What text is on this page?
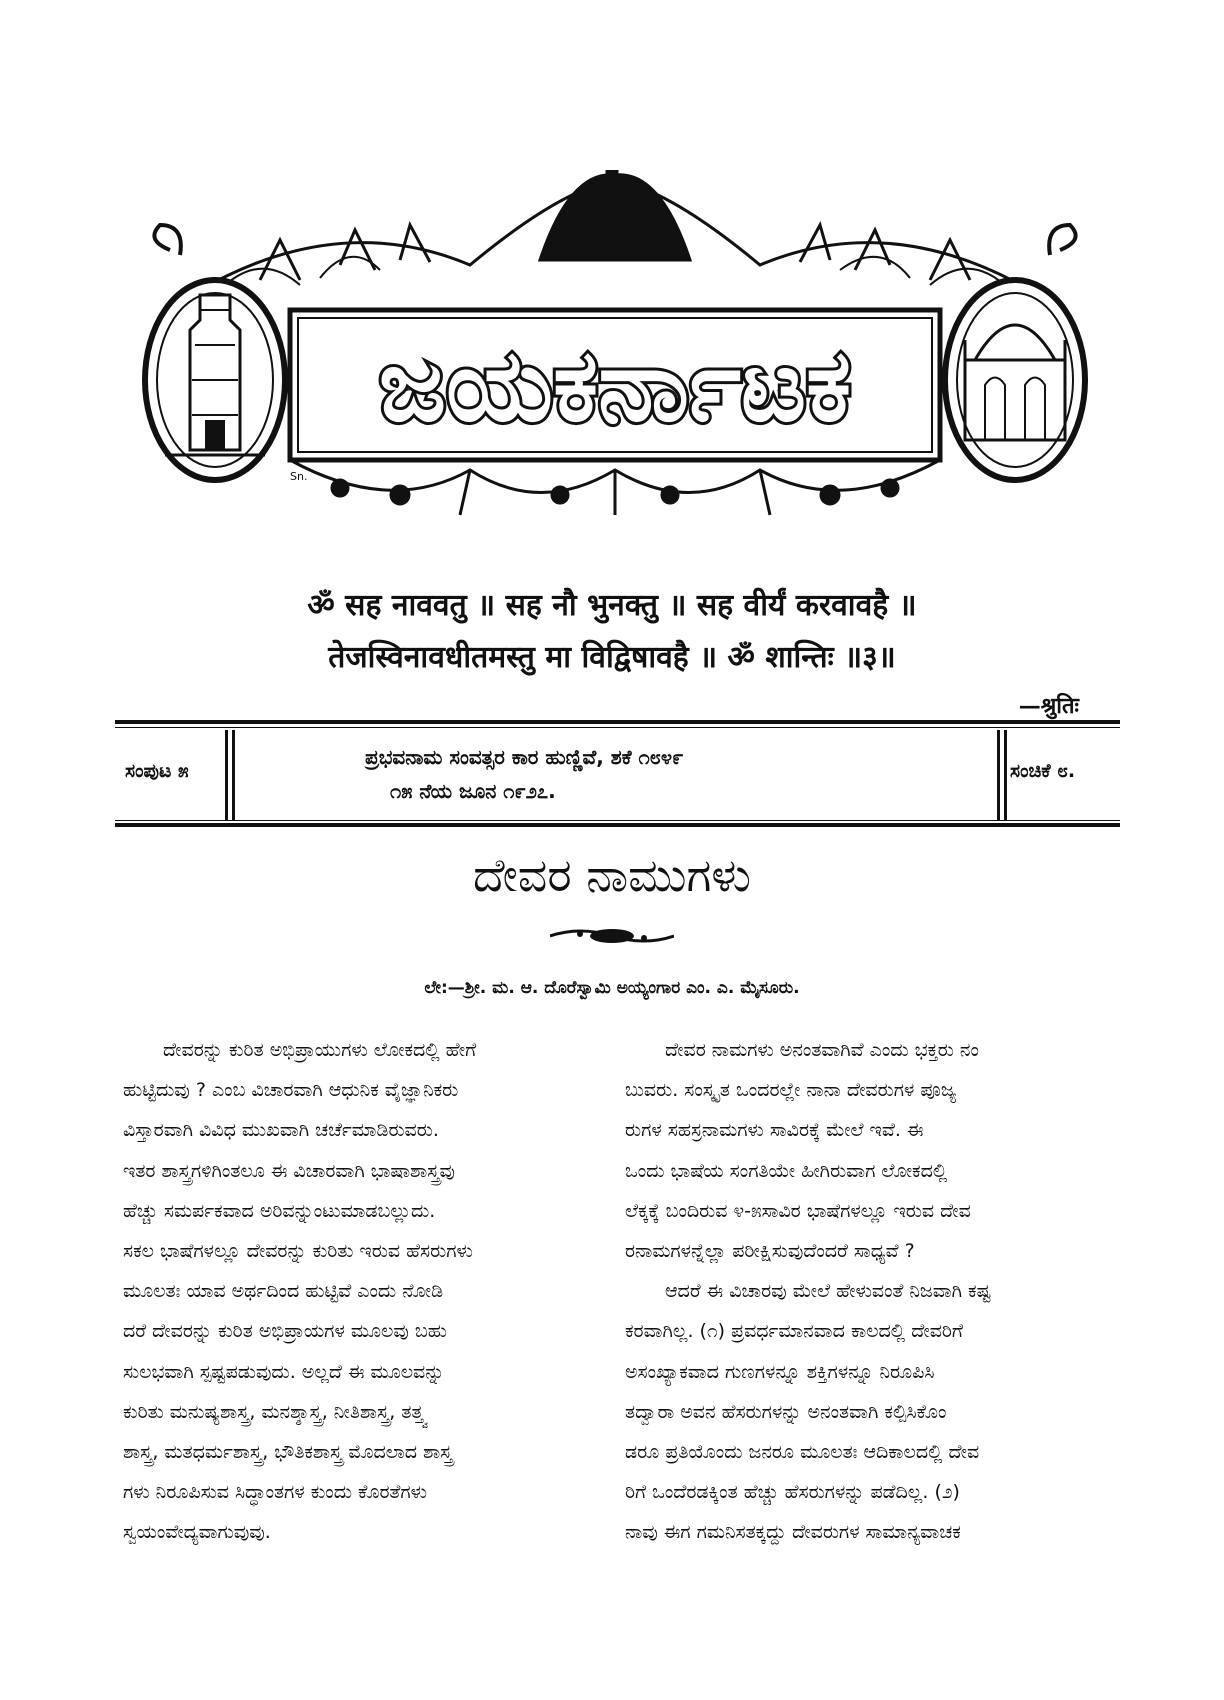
ಜಯಕರ್ನಾಟಕ
Sn.
ॐ सह नाववतु ॥ सह नौ भुनक्तु ॥ सह वीर्यं करवावहै ॥
तेजस्विनावधीतमस्तु मा विद्विषावहै ॥ ॐ शान्तिः ॥३॥
—श्रुतिः
ಸಂಪುಟ ೫
ಪ್ರಭವನಾಮ ಸಂವತ್ಸರ ಕಾರ ಹುಣ್ಣಿವೆ, ಶಕೆ ೧೮೪೯
೧೫ ನೆಯ ಜೂನ ೧೯೨೭.
ಸಂಚಿಕೆ ೮.
ದೇವರ ನಾಮುಗಳು
ಲೇ:—ಶ್ರೀ. ಮ. ಆ. ದೊರೆಸ್ವಾಮಿ ಅಯ್ಯಂಗಾರ ಎಂ. ಎ. ಮೈಸೂರು.

ದೇವರನ್ನು ಕುರಿತ ಅಭಿಪ್ರಾಯುಗಳು ಲೋಕದಲ್ಲಿ ಹೇಗೆ

ಹುಟ್ಟಿದುವು ? ಎಂಬ ವಿಚಾರವಾಗಿ ಆಧುನಿಕ ವೈಜ್ಞಾನಿಕರು

ವಿಸ್ತಾರವಾಗಿ ವಿವಿಧ ಮುಖವಾಗಿ ಚರ್ಚೆಮಾಡಿರುವರು.

ಇತರ ಶಾಸ್ತ್ರಗಳಿಗಿಂತಲೂ ಈ ವಿಚಾರವಾಗಿ ಭಾಷಾಶಾಸ್ತ್ರವು

ಹೆಚ್ಚು ಸಮರ್ಪಕವಾದ ಅರಿವನ್ನುಂಟುಮಾಡಬಲ್ಲುದು.

ಸಕಲ ಭಾಷೆಗಳಲ್ಲೂ ದೇವರನ್ನು ಕುರಿತು ಇರುವ ಹೆಸರುಗಳು

ಮೂಲತಃ ಯಾವ ಅರ್ಥದಿಂದ ಹುಟ್ಟಿವೆ ಎಂದು ನೋಡಿ

ದರೆ ದೇವರನ್ನು ಕುರಿತ ಅಭಿಪ್ರಾಯಗಳ ಮೂಲವು ಬಹು

ಸುಲಭವಾಗಿ ಸ್ಪಷ್ಟಪಡುವುದು. ಅಲ್ಲದೆ ಈ ಮೂಲವನ್ನು

ಕುರಿತು ಮನುಷ್ಯಶಾಸ್ತ್ರ, ಮನಶ್ಶಾಸ್ತ್ರ, ನೀತಿಶಾಸ್ತ್ರ, ತತ್ತ್ವ

ಶಾಸ್ತ್ರ, ಮತಧರ್ಮಶಾಸ್ತ್ರ, ಭೌತಿಕಶಾಸ್ತ್ರ ಮೊದಲಾದ ಶಾಸ್ತ್ರ

ಗಳು ನಿರೂಪಿಸುವ ಸಿದ್ಧಾಂತಗಳ ಕುಂದು ಕೊರತೆಗಳು

ಸ್ವಯಂವೇದ್ಯವಾಗುವುವು.

ದೇವರ ನಾಮಗಳು ಅನಂತವಾಗಿವೆ ಎಂದು ಭಕ್ತರು ನಂ

ಬುವರು. ಸಂಸ್ಕೃತ ಒಂದರಲ್ಲೇ ನಾನಾ ದೇವರುಗಳ ಪೂಜ್ಯ

ರುಗಳ ಸಹಸ್ರನಾಮಗಳು ಸಾವಿರಕ್ಕೆ ಮೇಲೆ ಇವೆ. ಈ

ಒಂದು ಭಾಷೆಯ ಸಂಗತಿಯೇ ಹೀಗಿರುವಾಗ ಲೋಕದಲ್ಲಿ

ಲೆಕ್ಕಕ್ಕೆ ಬಂದಿರುವ ೪-೫ಸಾವಿರ ಭಾಷೆಗಳಲ್ಲೂ ಇರುವ ದೇವ

ರನಾಮಗಳನ್ನೆಲ್ಲಾ ಪರೀಕ್ಷಿಸುವುದೆಂದರೆ ಸಾಧ್ಯವೆ ?

ಆದರೆ ಈ ವಿಚಾರವು ಮೇಲೆ ಹೇಳುವಂತೆ ನಿಜವಾಗಿ ಕಷ್ಟ

ಕರವಾಗಿಲ್ಲ. (೧) ಪ್ರವರ್ಧಮಾನವಾದ ಕಾಲದಲ್ಲಿ ದೇವರಿಗೆ

ಅಸಂಖ್ಯಾಕವಾದ ಗುಣಗಳನ್ನೂ ಶಕ್ತಿಗಳನ್ನೂ ನಿರೂಪಿಸಿ

ತದ್ವಾರಾ ಅವನ ಹೆಸರುಗಳನ್ನು ಅನಂತವಾಗಿ ಕಲ್ಪಿಸಿಕೊಂ

ಡರೂ ಪ್ರತಿಯೊಂದು ಜನರೂ ಮೂಲತಃ ಆದಿಕಾಲದಲ್ಲಿ ದೇವ

ರಿಗೆ ಒಂದೆರಡಕ್ಕಿಂತ ಹೆಚ್ಚು ಹೆಸರುಗಳನ್ನು ಪಡೆದಿಲ್ಲ. (೨)

ನಾವು ಈಗ ಗಮನಿಸತಕ್ಕದ್ದು ದೇವರುಗಳ ಸಾಮಾನ್ಯವಾಚಕ
